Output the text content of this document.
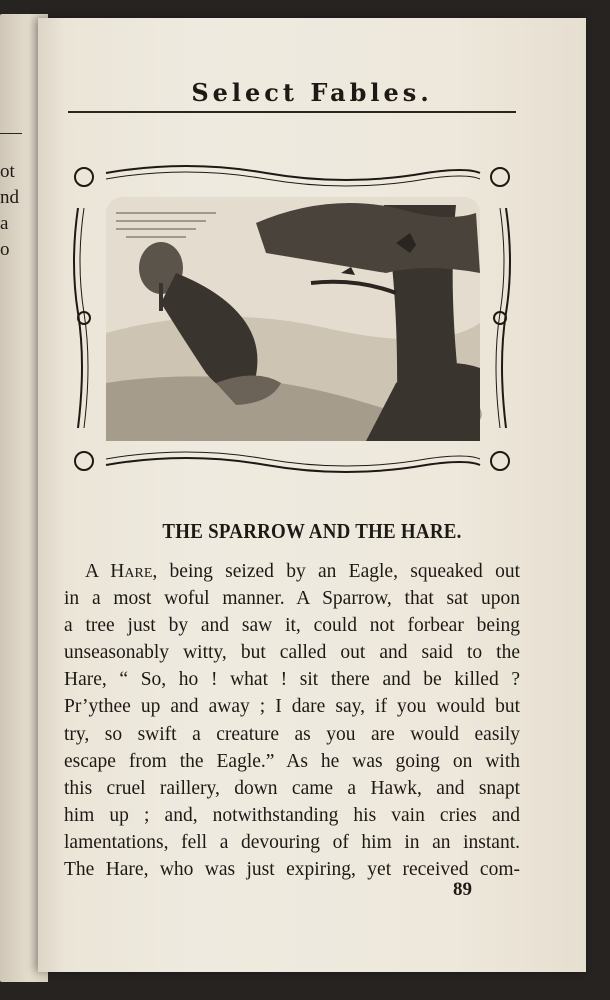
ot
nd
a
o
Select Fables.
THE SPARROW AND THE HARE.
A Hare, being seized by an Eagle, squeaked out
in a most woful manner. A Sparrow, that sat upon
a tree just by and saw it, could not forbear being
unseasonably witty, but called out and said to the
Hare, “ So, ho ! what ! sit there and be killed ?
Pr’ythee up and away ; I dare say, if you would but
try, so swift a creature as you are would easily
escape from the Eagle.” As he was going on with
this cruel raillery, down came a Hawk, and snapt
him up ; and, notwithstanding his vain cries and
lamentations, fell a devouring of him in an instant.
The Hare, who was just expiring, yet received com-
89
